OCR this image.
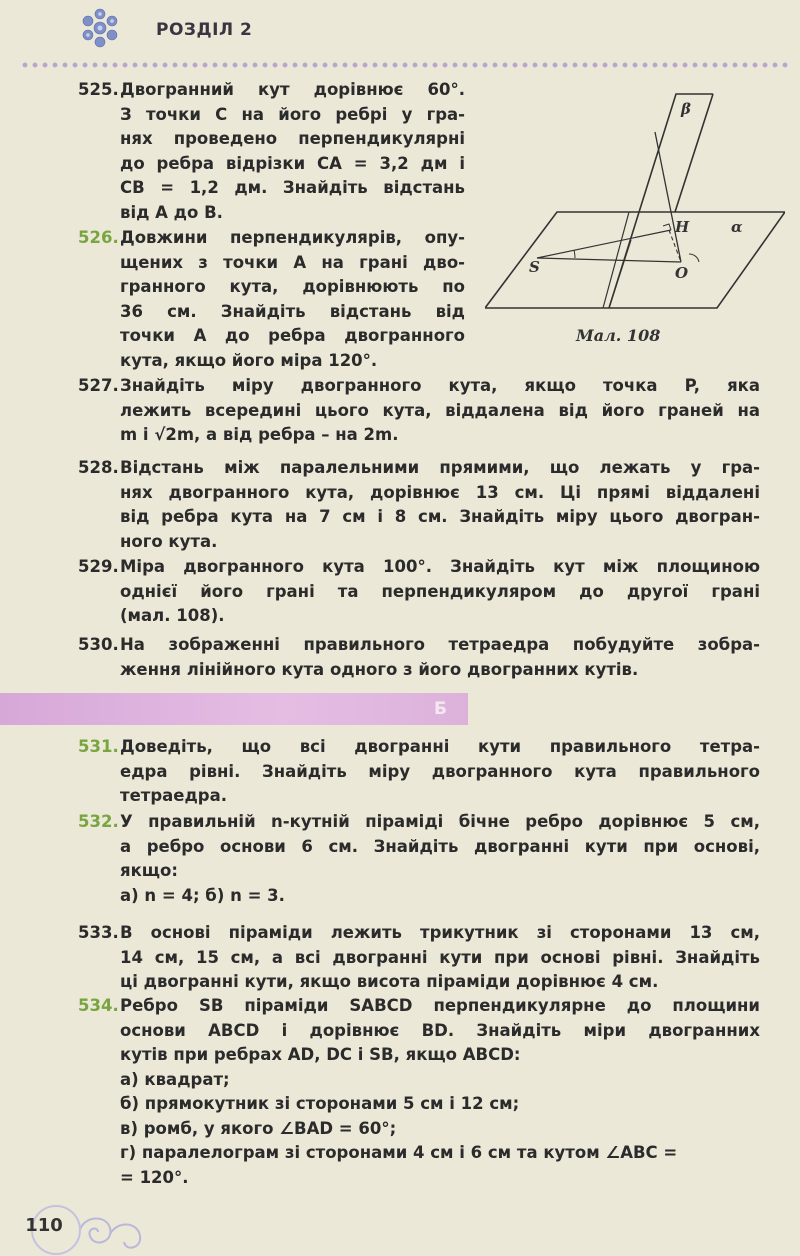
РОЗДІЛ 2
β
α
H
S	O
Мал. 108
525. Двогранний кут дорівнює 60°.
З точки C на його ребрі у гра-
нях проведено перпендикулярні
до ребра відрізки CA = 3,2 дм і
CB = 1,2 дм. Знайдіть відстань
від A до B.
526. Довжини перпендикулярів, опу-
щених з точки A на грані дво-
гранного кута, дорівнюють по
36 см. Знайдіть відстань від
точки A до ребра двогранного
кута, якщо його міра 120°.
527. Знайдіть міру двогранного кута, якщо точка P, яка
лежить всередині цього кута, віддалена від його граней на
m і √2m, а від ребра – на 2m.
528. Відстань між паралельними прямими, що лежать у гра-
нях двогранного кута, дорівнює 13 см. Ці прямі віддалені
від ребра кута на 7 см і 8 см. Знайдіть міру цього двогран-
ного кута.
529. Міра двогранного кута 100°. Знайдіть кут між площиною
однієї його грані та перпендикуляром до другої грані
(мал. 108).
530. На зображенні правильного тетраедра побудуйте зобра-
ження лінійного кута одного з його двогранних кутів.
531. Доведіть, що всі двогранні кути правильного тетра-
едра рівні. Знайдіть міру двогранного кута правильного
тетраедра.
532. У правильній n-кутній піраміді бічне ребро дорівнює 5 см,
а ребро основи 6 см. Знайдіть двогранні кути при основі,
якщо:
а) n = 4; б) n = 3.
533. В основі піраміди лежить трикутник зі сторонами 13 см,
14 см, 15 см, а всі двогранні кути при основі рівні. Знайдіть
ці двогранні кути, якщо висота піраміди дорівнює 4 см.
534. Ребро SB піраміди SABCD перпендикулярне до площини
основи ABCD і дорівнює BD. Знайдіть міри двогранних
кутів при ребрах AD, DC і SB, якщо ABCD:
а) квадрат;
б) прямокутник зі сторонами 5 см і 12 см;
в) ромб, у якого ∠BAD = 60°;
г) паралелограм зі сторонами 4 см і 6 см та кутом ∠ABC =
= 120°.
Б
110
